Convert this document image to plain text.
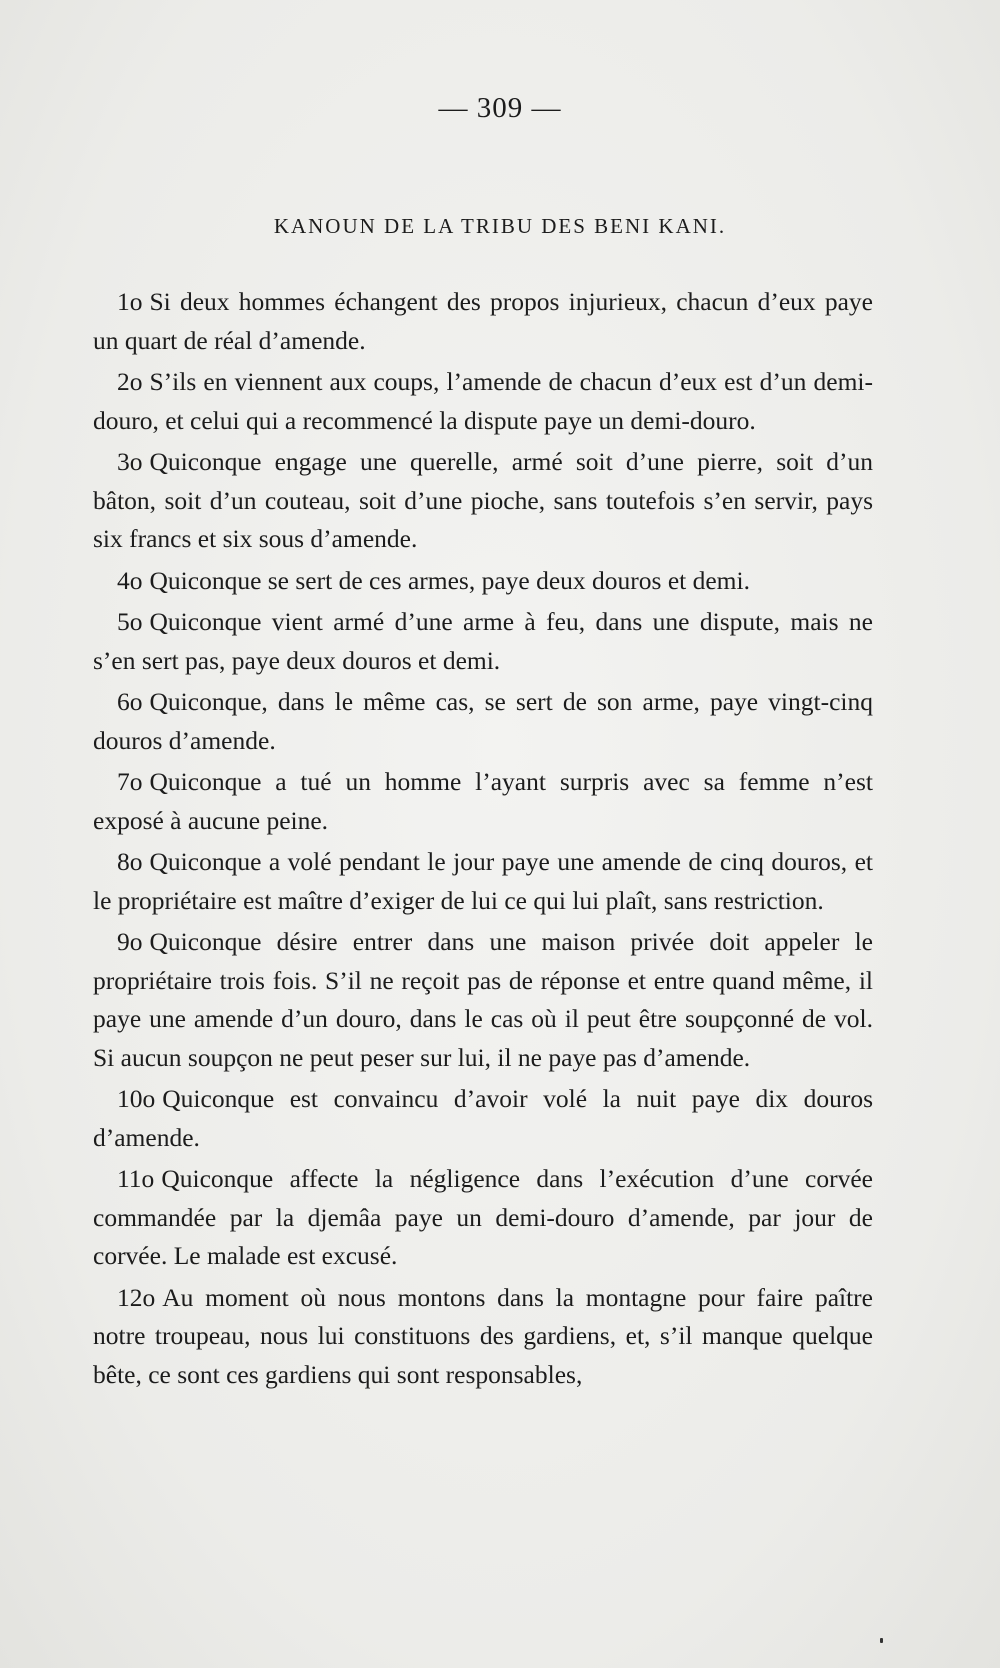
— 309 —
KANOUN DE LA TRIBU DES BENI KANI.

1o Si deux hommes échangent des propos injurieux, chacun d’eux paye un quart de réal d’amende.

2o S’ils en viennent aux coups, l’amende de chacun d’eux est d’un demi-douro, et celui qui a recommencé la dispute paye un demi-douro.

3o Quiconque engage une querelle, armé soit d’une pierre, soit d’un bâton, soit d’un couteau, soit d’une pioche, sans toutefois s’en servir, pays six francs et six sous d’amende.

4o Quiconque se sert de ces armes, paye deux douros et demi.

5o Quiconque vient armé d’une arme à feu, dans une dispute, mais ne s’en sert pas, paye deux douros et demi.

6o Quiconque, dans le même cas, se sert de son arme, paye vingt-cinq douros d’amende.

7o Quiconque a tué un homme l’ayant surpris avec sa femme n’est exposé à aucune peine.

8o Quiconque a volé pendant le jour paye une amende de cinq douros, et le propriétaire est maître d’exiger de lui ce qui lui plaît, sans restriction.

9o Quiconque désire entrer dans une maison privée doit appeler le propriétaire trois fois. S’il ne reçoit pas de réponse et entre quand même, il paye une amende d’un douro, dans le cas où il peut être soupçonné de vol. Si aucun soupçon ne peut peser sur lui, il ne paye pas d’amende.

10o Quiconque est convaincu d’avoir volé la nuit paye dix douros d’amende.

11o Quiconque affecte la négligence dans l’exécution d’une corvée commandée par la djemâa paye un demi-douro d’amende, par jour de corvée. Le malade est excusé.

12o Au moment où nous montons dans la montagne pour faire paître notre troupeau, nous lui constituons des gardiens, et, s’il manque quelque bête, ce sont ces gardiens qui sont responsables,
